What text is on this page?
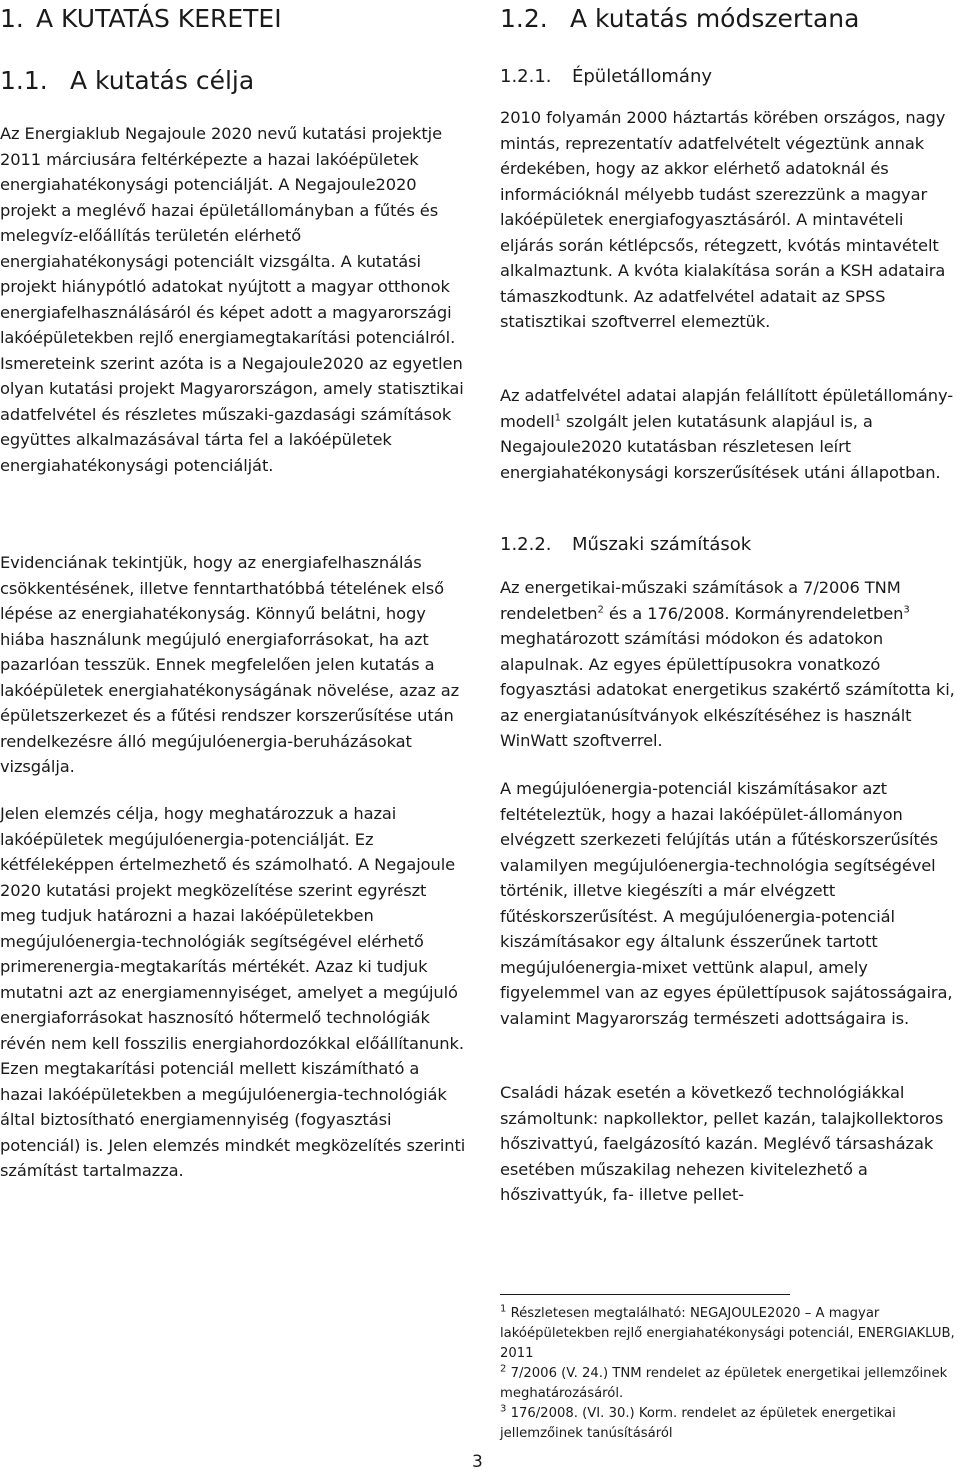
1. A KUTATÁS KERETEI
1.1. A kutatás célja

Az Energiaklub Negajoule 2020 nevű kutatási projektje 2011 márciusára feltérképezte a hazai lakóépületek energiahatékonysági potenciálját. A Negajoule2020 projekt a meglévő hazai épületállományban a fűtés és melegvíz-előállítás területén elérhető energiahatékonysági potenciált vizsgálta. A kutatási projekt hiánypótló adatokat nyújtott a magyar otthonok energiafelhasználásáról és képet adott a magyarországi lakóépületekben rejlő energiamegtakarítási potenciálról. Ismereteink szerint azóta is a Negajoule2020 az egyetlen olyan kutatási projekt Magyarországon, amely statisztikai adatfelvétel és részletes műszaki-gazdasági számítások együttes alkalmazásával tárta fel a lakóépületek energiahatékonysági potenciálját.

Evidenciának tekintjük, hogy az energiafelhasználás csökkentésének, illetve fenntarthatóbbá tételének első lépése az energiahatékonyság. Könnyű belátni, hogy hiába használunk megújuló energiaforrásokat, ha azt pazarlóan tesszük. Ennek megfelelően jelen kutatás a lakóépületek energiahatékonyságának növelése, azaz az épületszerkezet és a fűtési rendszer korszerűsítése után rendelkezésre álló megújulóenergia-beruházásokat vizsgálja.

Jelen elemzés célja, hogy meghatározzuk a hazai lakóépületek megújulóenergia-potenciálját. Ez kétféleképpen értelmezhető és számolható. A Negajoule 2020 kutatási projekt megközelítése szerint egyrészt meg tudjuk határozni a hazai lakóépületekben megújulóenergia-technológiák segítségével elérhető primerenergia-megtakarítás mértékét. Azaz ki tudjuk mutatni azt az energiamennyiséget, amelyet a megújuló energiaforrásokat hasznosító hőtermelő technológiák révén nem kell fosszilis energiahordozókkal előállítanunk. Ezen megtakarítási potenciál mellett kiszámítható a hazai lakóépületekben a megújulóenergia-technológiák által biztosítható energiamennyiség (fogyasztási potenciál) is. Jelen elemzés mindkét megközelítés szerinti számítást tartalmazza.

1.2. A kutatás módszertana
1.2.1. Épületállomány

2010 folyamán 2000 háztartás körében országos, nagy mintás, reprezentatív adatfelvételt végeztünk annak érdekében, hogy az akkor elérhető adatoknál és információknál mélyebb tudást szerezzünk a magyar lakóépületek energiafogyasztásáról. A mintavételi eljárás során kétlépcsős, rétegzett, kvótás mintavételt alkalmaztunk. A kvóta kialakítása során a KSH adataira támaszkodtunk. Az adatfelvétel adatait az SPSS statisztikai szoftverrel elemeztük.

Az adatfelvétel adatai alapján felállított épületállomány-modell$^1$ szolgált jelen kutatásunk alapjául is, a Negajoule2020 kutatásban részletesen leírt energiahatékonysági korszerűsítések utáni állapotban.

1.2.2. Műszaki számítások

Az energetikai-műszaki számítások a 7/2006 TNM rendeletben$^2$ és a 176/2008. Kormányrendeletben$^3$ meghatározott számítási módokon és adatokon alapulnak. Az egyes épülettípusokra vonatkozó fogyasztási adatokat energetikus szakértő számította ki, az energiatanúsítványok elkészítéséhez is használt WinWatt szoftverrel.

A megújulóenergia-potenciál kiszámításakor azt feltételeztük, hogy a hazai lakóépület-állományon elvégzett szerkezeti felújítás után a fűtéskorszerűsítés valamilyen megújulóenergia-technológia segítségével történik, illetve kiegészíti a már elvégzett fűtéskorszerűsítést. A megújulóenergia-potenciál kiszámításakor egy általunk ésszerűnek tartott megújulóenergia-mixet vettünk alapul, amely figyelemmel van az egyes épülettípusok sajátosságaira, valamint Magyarország természeti adottságaira is.

Családi házak esetén a következő technológiákkal számoltunk: napkollektor, pellet kazán, talajkollektoros hőszivattyú, faelgázosító kazán. Meglévő társasházak esetében műszakilag nehezen kivitelezhető a hőszivattyúk, fa- illetve pellet-

$^1$ Részletesen megtalálható: NEGAJOULE2020 – A magyar lakóépületekben rejlő energiahatékonysági potenciál, ENERGIAKLUB, 2011

$^2$ 7/2006 (V. 24.) TNM rendelet az épületek energetikai jellemzőinek meghatározásáról.

$^3$ 176/2008. (VI. 30.) Korm. rendelet az épületek energetikai jellemzőinek tanúsításáról

3
